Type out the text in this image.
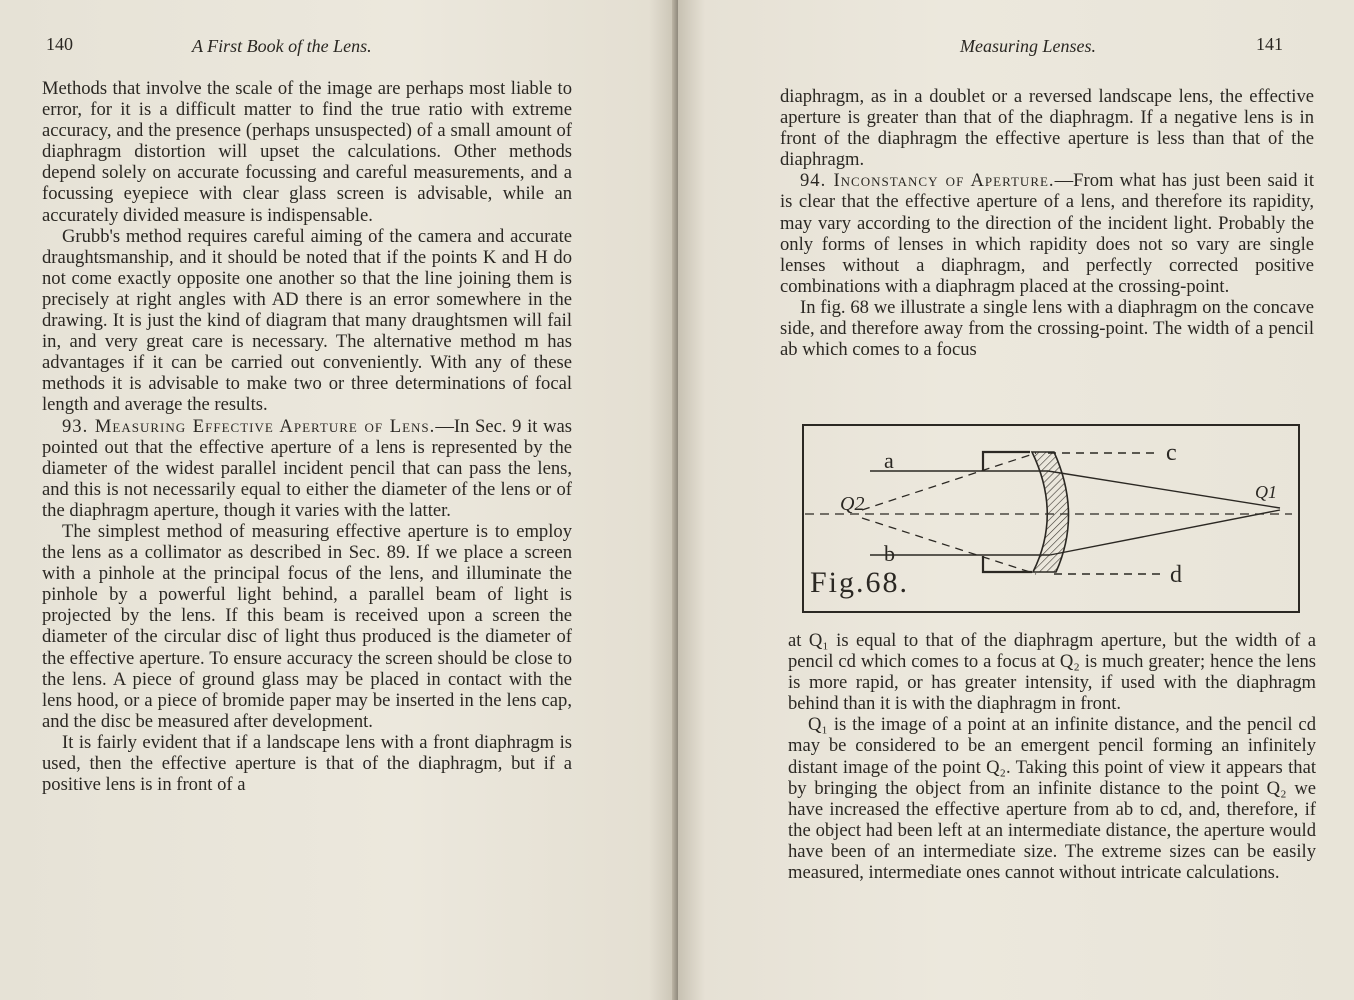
140	A First Book of the Lens.

Methods that involve the scale of the image are perhaps most liable to error, for it is a difficult matter to find the true ratio with extreme accuracy, and the presence (perhaps unsuspected) of a small amount of diaphragm distortion will upset the calculations. Other methods depend solely on accurate focussing and careful measurements, and a focussing eyepiece with clear glass screen is advisable, while an accurately divided measure is indispensable.

Grubb's method requires careful aiming of the camera and accurate draughtsmanship, and it should be noted that if the points K and H do not come exactly opposite one another so that the line joining them is precisely at right angles with AD there is an error somewhere in the drawing. It is just the kind of diagram that many draughtsmen will fail in, and very great care is necessary. The alternative method m has advantages if it can be carried out conveniently. With any of these methods it is advisable to make two or three determinations of focal length and average the results.

93. Measuring Effective Aperture of Lens.—In Sec. 9 it was pointed out that the effective aperture of a lens is represented by the diameter of the widest parallel incident pencil that can pass the lens, and this is not necessarily equal to either the diameter of the lens or of the diaphragm aperture, though it varies with the latter.

The simplest method of measuring effective aperture is to employ the lens as a collimator as described in Sec. 89. If we place a screen with a pinhole at the principal focus of the lens, and illuminate the pinhole by a powerful light behind, a parallel beam of light is projected by the lens. If this beam is received upon a screen the diameter of the circular disc of light thus produced is the diameter of the effective aperture. To ensure accuracy the screen should be close to the lens. A piece of ground glass may be placed in contact with the lens hood, or a piece of bromide paper may be inserted in the lens cap, and the disc be measured after development.

It is fairly evident that if a landscape lens with a front diaphragm is used, then the effective aperture is that of the diaphragm, but if a positive lens is in front of a

Measuring Lenses.	141

diaphragm, as in a doublet or a reversed landscape lens, the effective aperture is greater than that of the diaphragm. If a negative lens is in front of the diaphragm the effective aperture is less than that of the diaphragm.

94. Inconstancy of Aperture.—From what has just been said it is clear that the effective aperture of a lens, and therefore its rapidity, may vary according to the direction of the incident light. Probably the only forms of lenses in which rapidity does not so vary are single lenses without a diaphragm, and perfectly corrected positive combinations with a diaphragm placed at the crossing-point.

In fig. 68 we illustrate a single lens with a diaphragm on the concave side, and therefore away from the crossing-point. The width of a pencil ab which comes to a focus

c
d
a
b
Q2
Q1
Fig.68.

at Q₁ is equal to that of the diaphragm aperture, but the width of a pencil cd which comes to a focus at Q₂ is much greater; hence the lens is more rapid, or has greater intensity, if used with the diaphragm behind than it is with the diaphragm in front.

Q₁ is the image of a point at an infinite distance, and the pencil cd may be considered to be an emergent pencil forming an infinitely distant image of the point Q₂. Taking this point of view it appears that by bringing the object from an infinite distance to the point Q₂ we have increased the effective aperture from ab to cd, and, therefore, if the object had been left at an intermediate distance, the aperture would have been of an intermediate size. The extreme sizes can be easily measured, intermediate ones cannot without intricate calculations.
